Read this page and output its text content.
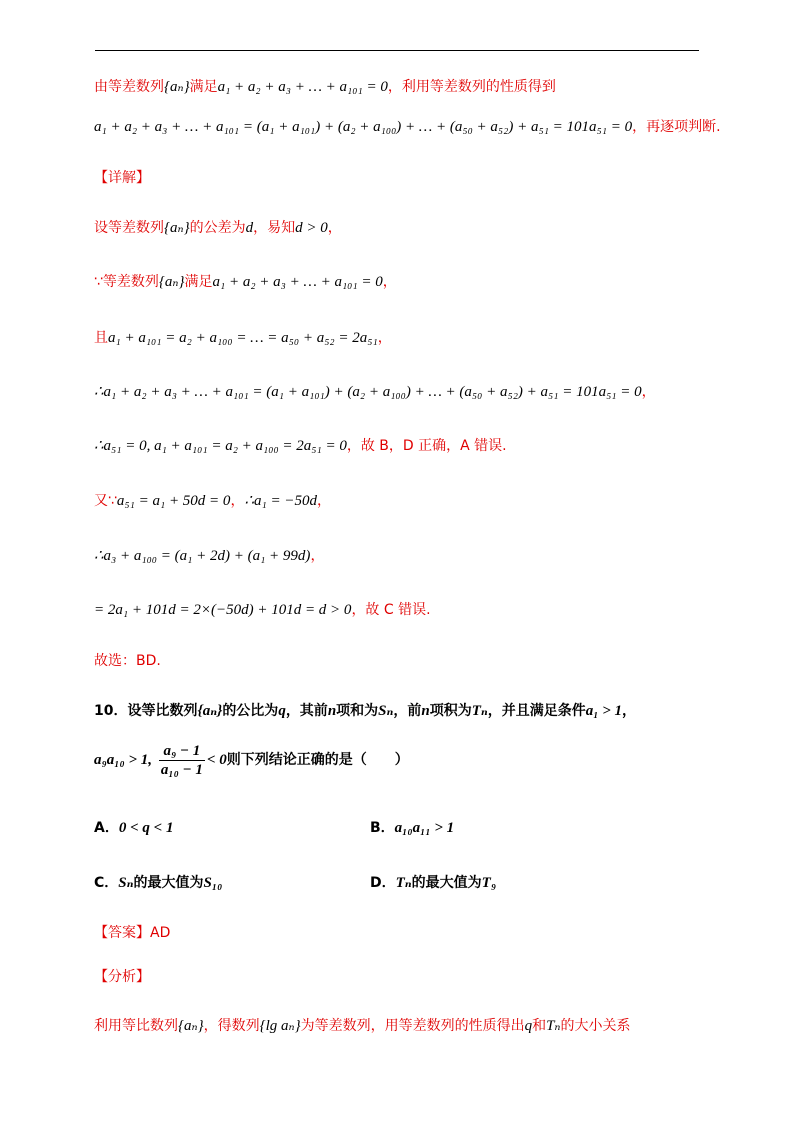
由等差数列{aₙ}满足a₁ + a₂ + a₃ + … + a₁₀₁ = 0，利用等差数列的性质得到
a₁ + a₂ + a₃ + … + a₁₀₁ = (a₁ + a₁₀₁) + (a₂ + a₁₀₀) + … + (a₅₀ + a₅₂) + a₅₁ = 101a₅₁ = 0，再逐项判断.
【详解】
设等差数列{aₙ}的公差为d，易知d > 0，
∵等差数列{aₙ}满足a₁ + a₂ + a₃ + … + a₁₀₁ = 0，
且a₁ + a₁₀₁ = a₂ + a₁₀₀ = … = a₅₀ + a₅₂ = 2a₅₁，
∴a₁ + a₂ + a₃ + … + a₁₀₁ = (a₁ + a₁₀₁) + (a₂ + a₁₀₀) + … + (a₅₀ + a₅₂) + a₅₁ = 101a₅₁ = 0，
∴a₅₁ = 0, a₁ + a₁₀₁ = a₂ + a₁₀₀ = 2a₅₁ = 0，故 B，D 正确，A 错误.
又∵a₅₁ = a₁ + 50d = 0，∴a₁ = −50d，
∴a₃ + a₁₀₀ = (a₁ + 2d) + (a₁ + 99d)，
= 2a₁ + 101d = 2×(−50d) + 101d = d > 0，故 C 错误.
故选：BD.
10．设等比数列{aₙ}的公比为q，其前n项和为Sₙ，前n项积为Tₙ，并且满足条件a₁ > 1，
a₉a₁₀ > 1, $\frac{\text{a₉ − 1}}{\text{a₁₀ − 1}} < 0$则下列结论正确的是（　　）
A．0 < q < 1	B．a₁₀a₁₁ > 1
C．Sₙ的最大值为S₁₀	D．Tₙ的最大值为T₉
【答案】AD
【分析】
利用等比数列{aₙ}，得数列{lg aₙ}为等差数列，用等差数列的性质得出q和Tₙ的大小关系
